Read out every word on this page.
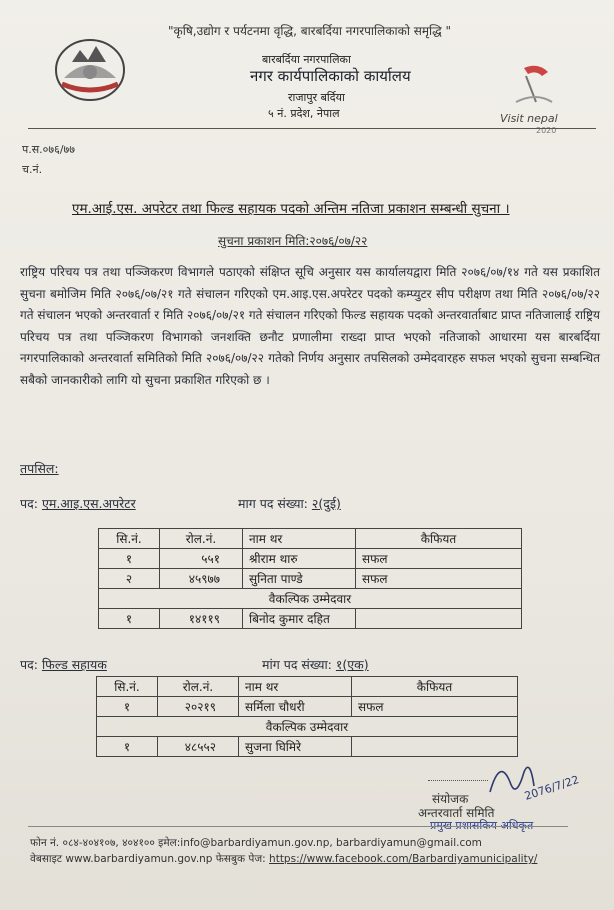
"कृषि,उद्योग र पर्यटनमा वृद्धि, बारबर्दिया नगरपालिकाको समृद्धि "
बारबर्दिया नगरपालिका
नगर कार्यपालिकाको कार्यालय
राजापुर बर्दिया
५ नं. प्रदेश, नेपाल	Visit nepal
2020
प.स.०७६/७७
च.नं.
एम.आई.एस. अपरेटर तथा फिल्ड सहायक पदको अन्तिम नतिजा प्रकाशन सम्बन्धी सुचना ।
सुचना प्रकाशन मिति:२०७६/०७/२२
राष्ट्रिय परिचय पत्र तथा पञ्जिकरण विभागले पठाएको संक्षिप्त सूचि अनुसार यस कार्यालयद्वारा मिति २०७६/०७/१४ गते यस प्रकाशित सुचना बमोजिम मिति २०७६/०७/२१ गते संचालन गरिएको एम.आइ.एस.अपरेटर पदको कम्प्युटर सीप परीक्षण तथा मिति २०७६/०७/२२ गते संचालन भएको अन्तरवार्ता र मिति २०७६/०७/२१ गते संचालन गरिएको फिल्ड सहायक पदको अन्तरवार्ताबाट प्राप्त नतिजालाई राष्ट्रिय परिचय पत्र तथा पञ्जिकरण विभागको जनशक्ति छनौट प्रणालीमा राख्दा प्राप्त भएको नतिजाको आधारमा यस बारबर्दिया नगरपालिकाको अन्तरवार्ता समितिको मिति २०७६/०७/२२ गतेको निर्णय अनुसार तपसिलको उम्मेदवारहरु सफल भएको सुचना सम्बन्धित सबैको जानकारीको लागि यो सुचना प्रकाशित गरिएको छ ।
तपसिल:
पद: एम.आइ.एस.अपरेटर	माग पद संख्या: २(दुई)
सि.नं.	रोल.नं.	नाम थर	कैफियत
१	५५१	श्रीराम थारु	सफल
२	४५९७७	सुनिता पाण्डे	सफल
वैकल्पिक उम्मेदवार			
१	१४११९	बिनोद कुमार दहित	
पद: फिल्ड सहायक	मांग पद संख्या: १(एक)
सि.नं.	रोल.नं.	नाम थर	कैफियत
१	२०२१९	सर्मिला चौधरी	सफल
वैकल्पिक उम्मेदवार			
१	४८५५२	सुजना घिमिरे	
2076/7/22
संयोजक
अन्तरवार्ता समिति
प्रमुख प्रशासकिय अधिकृत
फोन नं. ०८४-४०४१०७, ४०४१०० इमेल:info@barbardiyamun.gov.np, barbardiyamun@gmail.com
वेबसाइट www.barbardiyamun.gov.np फेसबुक पेज: https://www.facebook.com/Barbardiyamunicipality/
